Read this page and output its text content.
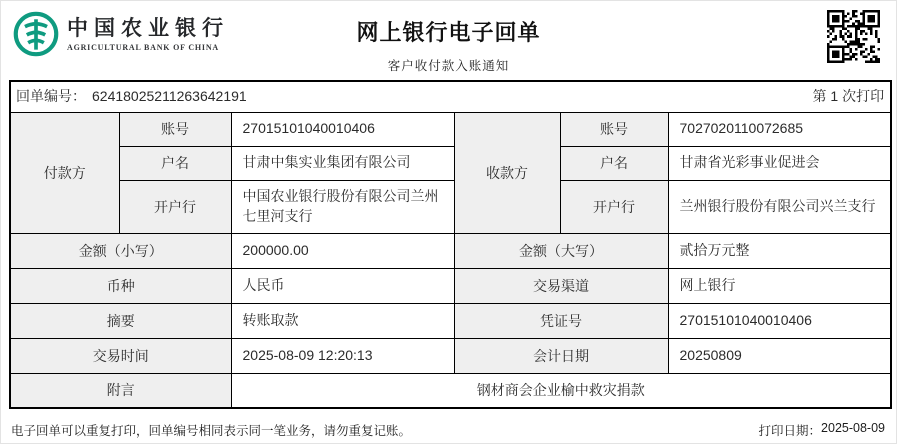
中国农业银行
AGRICULTURAL BANK OF CHINA
网上银行电子回单
客户收付款入账通知
回单编号： 62418025211263642191 第 1 次打印					

付款方	账号	27015101040010406	收款方	账号	7027020110072685
	户名	甘肃中集实业集团有限公司		户名	甘肃省光彩事业促进会
	开户行	中国农业银行股份有限公司兰州七里河支行		开户行	兰州银行股份有限公司兴兰支行
金额（小写）		200000.00	金额（大写）		贰拾万元整
币种		人民币	交易渠道		网上银行
摘要		转账取款	凭证号		27015101040010406
交易时间		2025-08-09 12:20:13	会计日期		20250809
附言		钢材商会企业榆中救灾捐款			
电子回单可以重复打印，回单编号相同表示同一笔业务，请勿重复记账。	打印日期： 2025-08-09
